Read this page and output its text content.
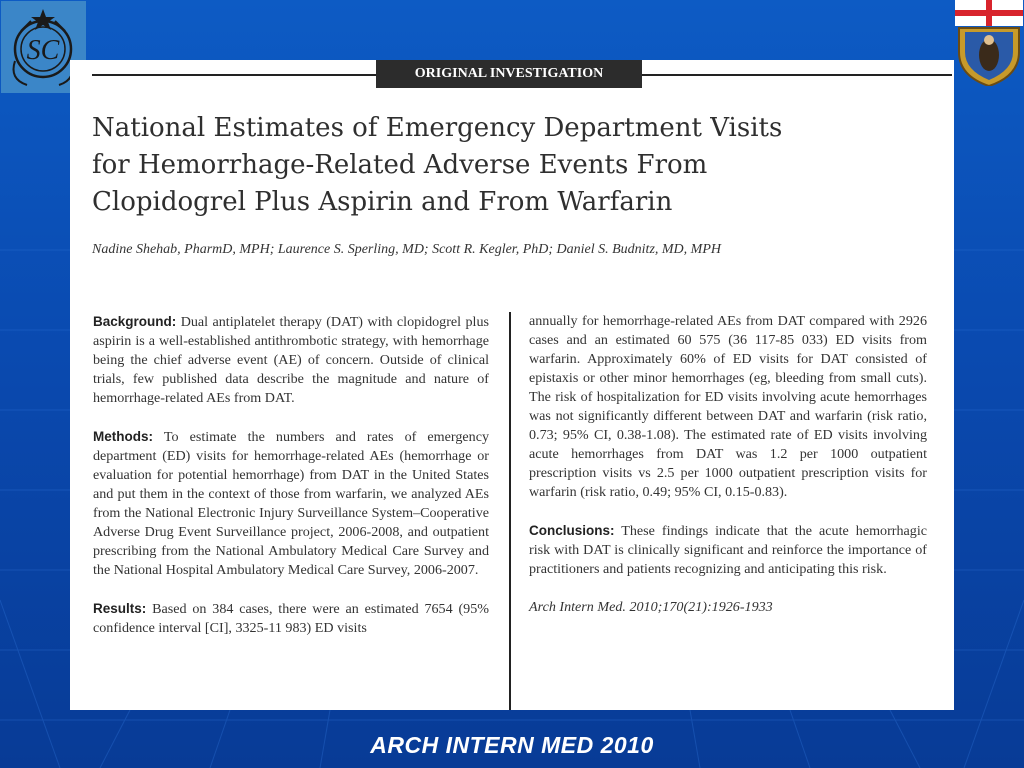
SC
ORIGINAL INVESTIGATION
National Estimates of Emergency Department Visits
for Hemorrhage-Related Adverse Events From
Clopidogrel Plus Aspirin and From Warfarin
Nadine Shehab, PharmD, MPH; Laurence S. Sperling, MD; Scott R. Kegler, PhD; Daniel S. Budnitz, MD, MPH

Background: Dual antiplatelet therapy (DAT) with clopidogrel plus aspirin is a well-established antithrombotic strategy, with hemorrhage being the chief adverse event (AE) of concern. Outside of clinical trials, few published data describe the magnitude and nature of hemorrhage-related AEs from DAT.

Methods: To estimate the numbers and rates of emergency department (ED) visits for hemorrhage-related AEs (hemorrhage or evaluation for potential hemorrhage) from DAT in the United States and put them in the context of those from warfarin, we analyzed AEs from the National Electronic Injury Surveillance System–Cooperative Adverse Drug Event Surveillance project, 2006-2008, and outpatient prescribing from the National Ambulatory Medical Care Survey and the National Hospital Ambulatory Medical Care Survey, 2006-2007.

Results: Based on 384 cases, there were an estimated 7654 (95% confidence interval [CI], 3325-11 983) ED visits

annually for hemorrhage-related AEs from DAT compared with 2926 cases and an estimated 60 575 (36 117-85 033) ED visits from warfarin. Approximately 60% of ED visits for DAT consisted of epistaxis or other minor hemorrhages (eg, bleeding from small cuts). The risk of hospitalization for ED visits involving acute hemorrhages was not significantly different between DAT and warfarin (risk ratio, 0.73; 95% CI, 0.38-1.08). The estimated rate of ED visits involving acute hemorrhages from DAT was 1.2 per 1000 outpatient prescription visits vs 2.5 per 1000 outpatient prescription visits for warfarin (risk ratio, 0.49; 95% CI, 0.15-0.83).

Conclusions: These findings indicate that the acute hemorrhagic risk with DAT is clinically significant and reinforce the importance of practitioners and patients recognizing and anticipating this risk.

Arch Intern Med. 2010;170(21):1926-1933

ARCH INTERN MED 2010
